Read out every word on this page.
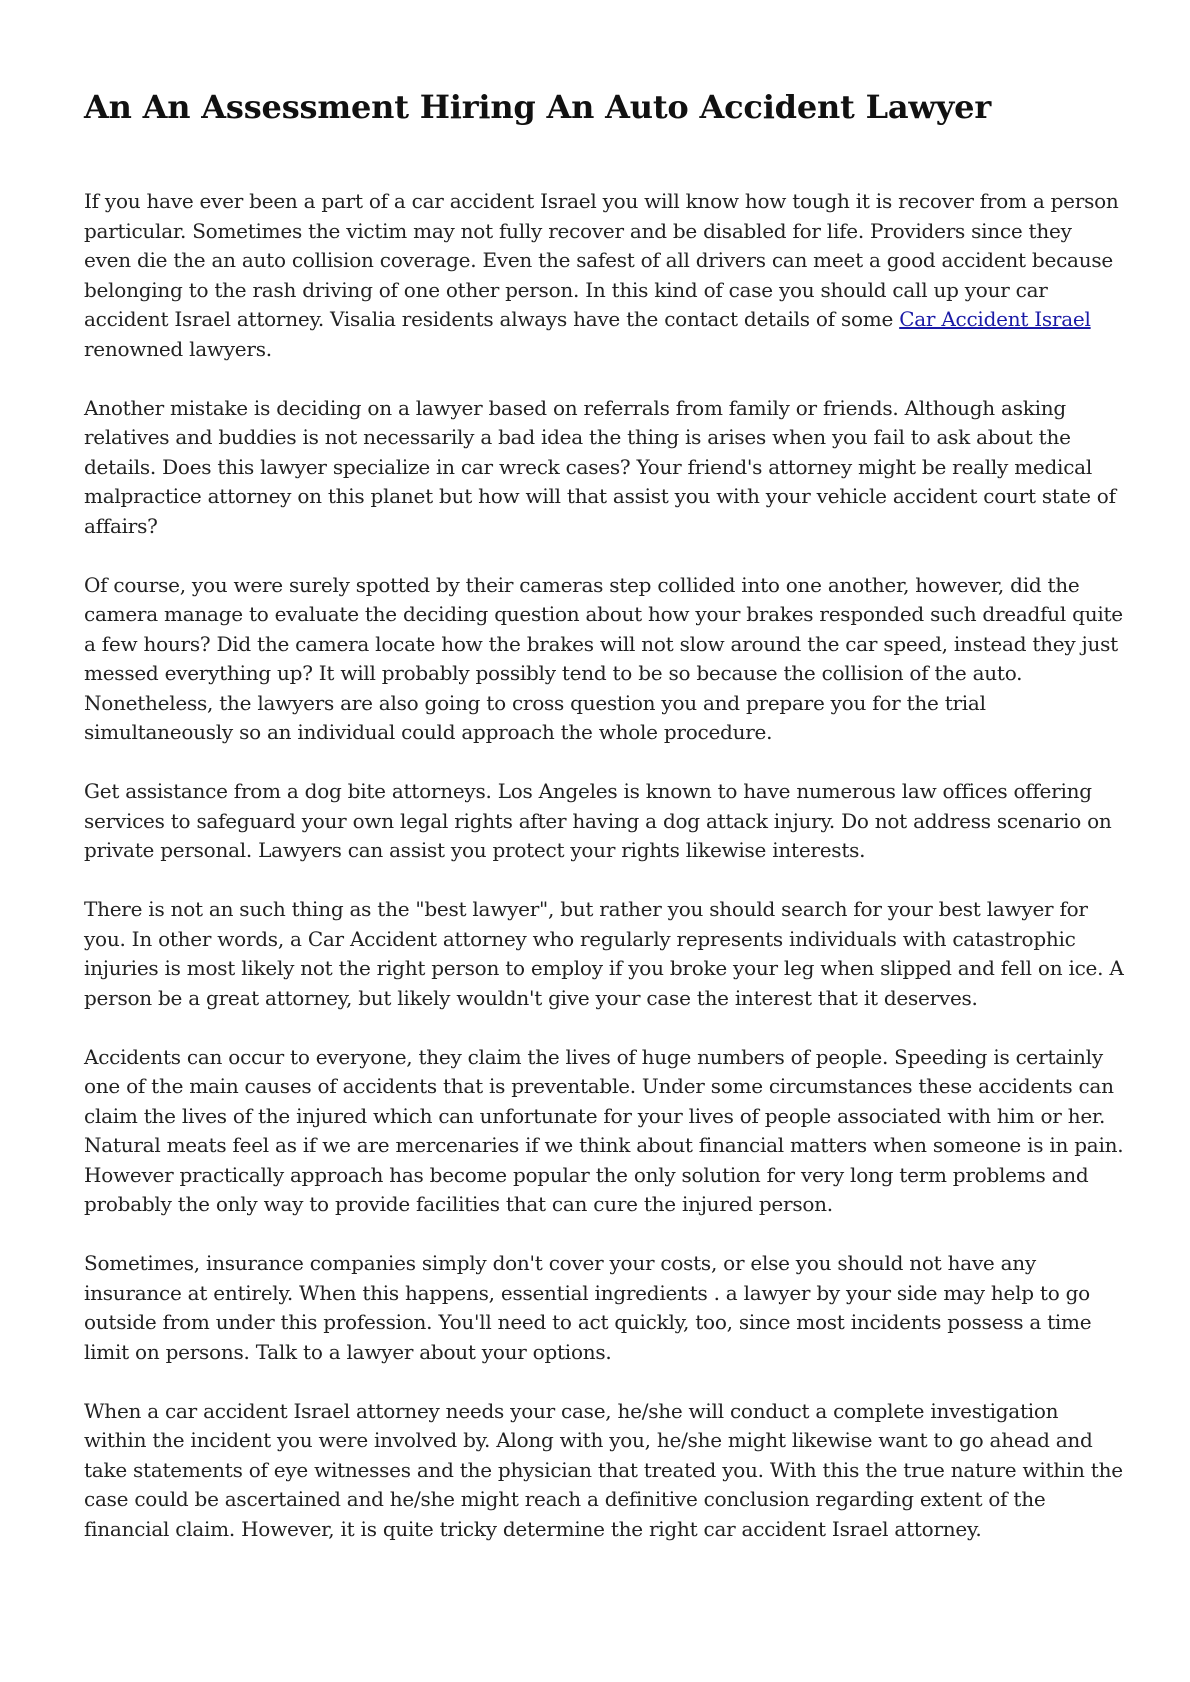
An An Assessment Hiring An Auto Accident Lawyer

If you have ever been a part of a car accident Israel you will know how tough it is recover from a person particular. Sometimes the victim may not fully recover and be disabled for life. Providers since they even die the an auto collision coverage. Even the safest of all drivers can meet a good accident because belonging to the rash driving of one other person. In this kind of case you should call up your car accident Israel attorney. Visalia residents always have the contact details of some Car Accident Israel renowned lawyers.

Another mistake is deciding on a lawyer based on referrals from family or friends. Although asking relatives and buddies is not necessarily a bad idea the thing is arises when you fail to ask about the details. Does this lawyer specialize in car wreck cases? Your friend's attorney might be really medical malpractice attorney on this planet but how will that assist you with your vehicle accident court state of affairs?

Of course, you were surely spotted by their cameras step collided into one another, however, did the camera manage to evaluate the deciding question about how your brakes responded such dreadful quite a few hours? Did the camera locate how the brakes will not slow around the car speed, instead they just messed everything up? It will probably possibly tend to be so because the collision of the auto. Nonetheless, the lawyers are also going to cross question you and prepare you for the trial simultaneously so an individual could approach the whole procedure.

Get assistance from a dog bite attorneys. Los Angeles is known to have numerous law offices offering services to safeguard your own legal rights after having a dog attack injury. Do not address scenario on private personal. Lawyers can assist you protect your rights likewise interests.

There is not an such thing as the "best lawyer", but rather you should search for your best lawyer for you. In other words, a Car Accident attorney who regularly represents individuals with catastrophic injuries is most likely not the right person to employ if you broke your leg when slipped and fell on ice. A person be a great attorney, but likely wouldn't give your case the interest that it deserves.

Accidents can occur to everyone, they claim the lives of huge numbers of people. Speeding is certainly one of the main causes of accidents that is preventable. Under some circumstances these accidents can claim the lives of the injured which can unfortunate for your lives of people associated with him or her. Natural meats feel as if we are mercenaries if we think about financial matters when someone is in pain. However practically approach has become popular the only solution for very long term problems and probably the only way to provide facilities that can cure the injured person.

Sometimes, insurance companies simply don't cover your costs, or else you should not have any insurance at entirely. When this happens, essential ingredients . a lawyer by your side may help to go outside from under this profession. You'll need to act quickly, too, since most incidents possess a time limit on persons. Talk to a lawyer about your options.

When a car accident Israel attorney needs your case, he/she will conduct a complete investigation within the incident you were involved by. Along with you, he/she might likewise want to go ahead and take statements of eye witnesses and the physician that treated you. With this the true nature within the case could be ascertained and he/she might reach a definitive conclusion regarding extent of the financial claim. However, it is quite tricky determine the right car accident Israel attorney.
